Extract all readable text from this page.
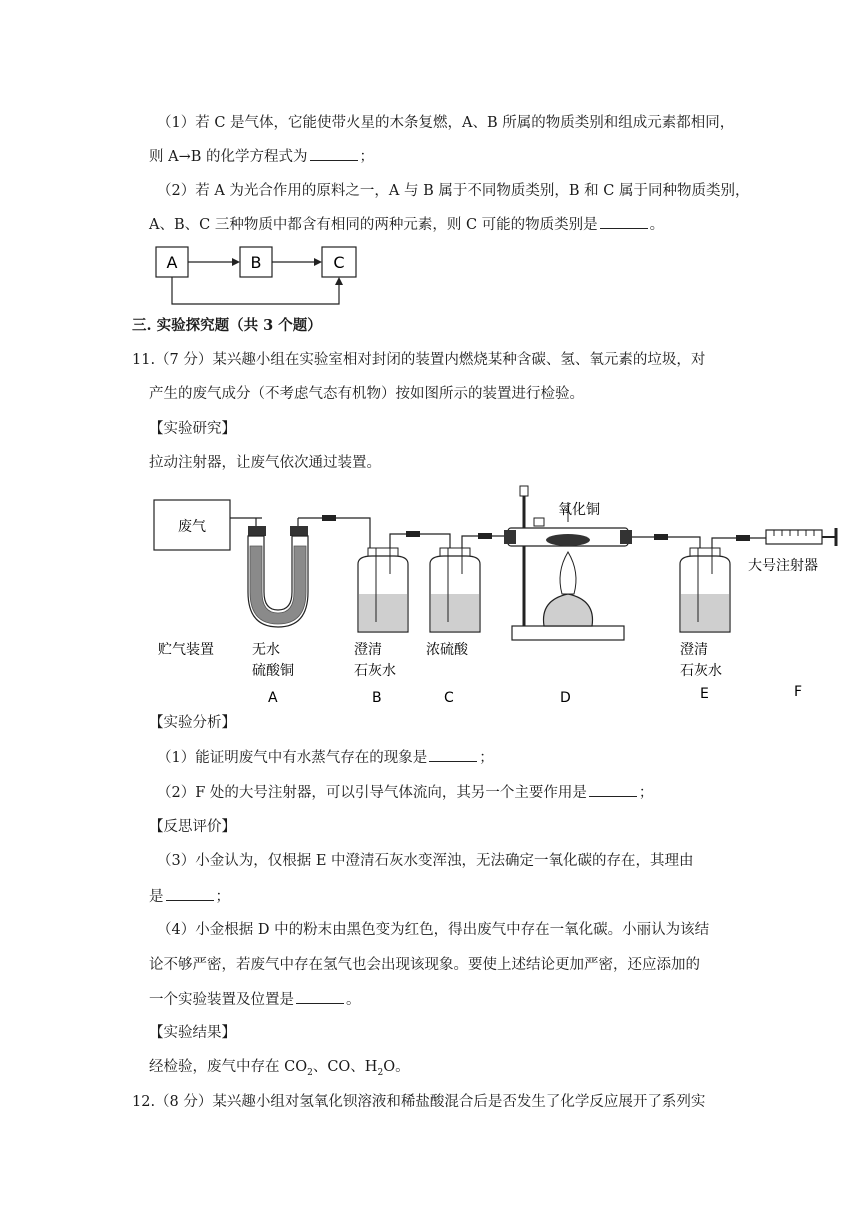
（1）若 C 是气体，它能使带火星的木条复燃，A、B 所属的物质类别和组成元素都相同，
则 A→B 的化学方程式为	；
（2）若 A 为光合作用的原料之一，A 与 B 属于不同物质类别，B 和 C 属于同种物质类别，
A、B、C 三种物质中都含有相同的两种元素，则 C 可能的物质类别是	。
A	B	C
三. 实验探究题（共 3 个题）
11.（7 分）某兴趣小组在实验室相对封闭的装置内燃烧某种含碳、氢、氧元素的垃圾，对
产生的废气成分（不考虑气态有机物）按如图所示的装置进行检验。
【实验研究】
拉动注射器，让废气依次通过装置。
废气
氧化铜
大号注射器
贮气装置	无水
硫酸铜
澄清
石灰水
浓硫酸	澄清
石灰水
A	B	C	D	E	F
【实验分析】
（1）能证明废气中有水蒸气存在的现象是	；
（2）F 处的大号注射器，可以引导气体流向，其另一个主要作用是	；
【反思评价】
（3）小金认为，仅根据 E 中澄清石灰水变浑浊，无法确定一氧化碳的存在，其理由
是	；
（4）小金根据 D 中的粉末由黑色变为红色，得出废气中存在一氧化碳。小丽认为该结
论不够严密，若废气中存在氢气也会出现该现象。要使上述结论更加严密，还应添加的
一个实验装置及位置是	。
【实验结果】
经检验，废气中存在 $CO_2$、CO、$H_2O$。
12.（8 分）某兴趣小组对氢氧化钡溶液和稀盐酸混合后是否发生了化学反应展开了系列实
